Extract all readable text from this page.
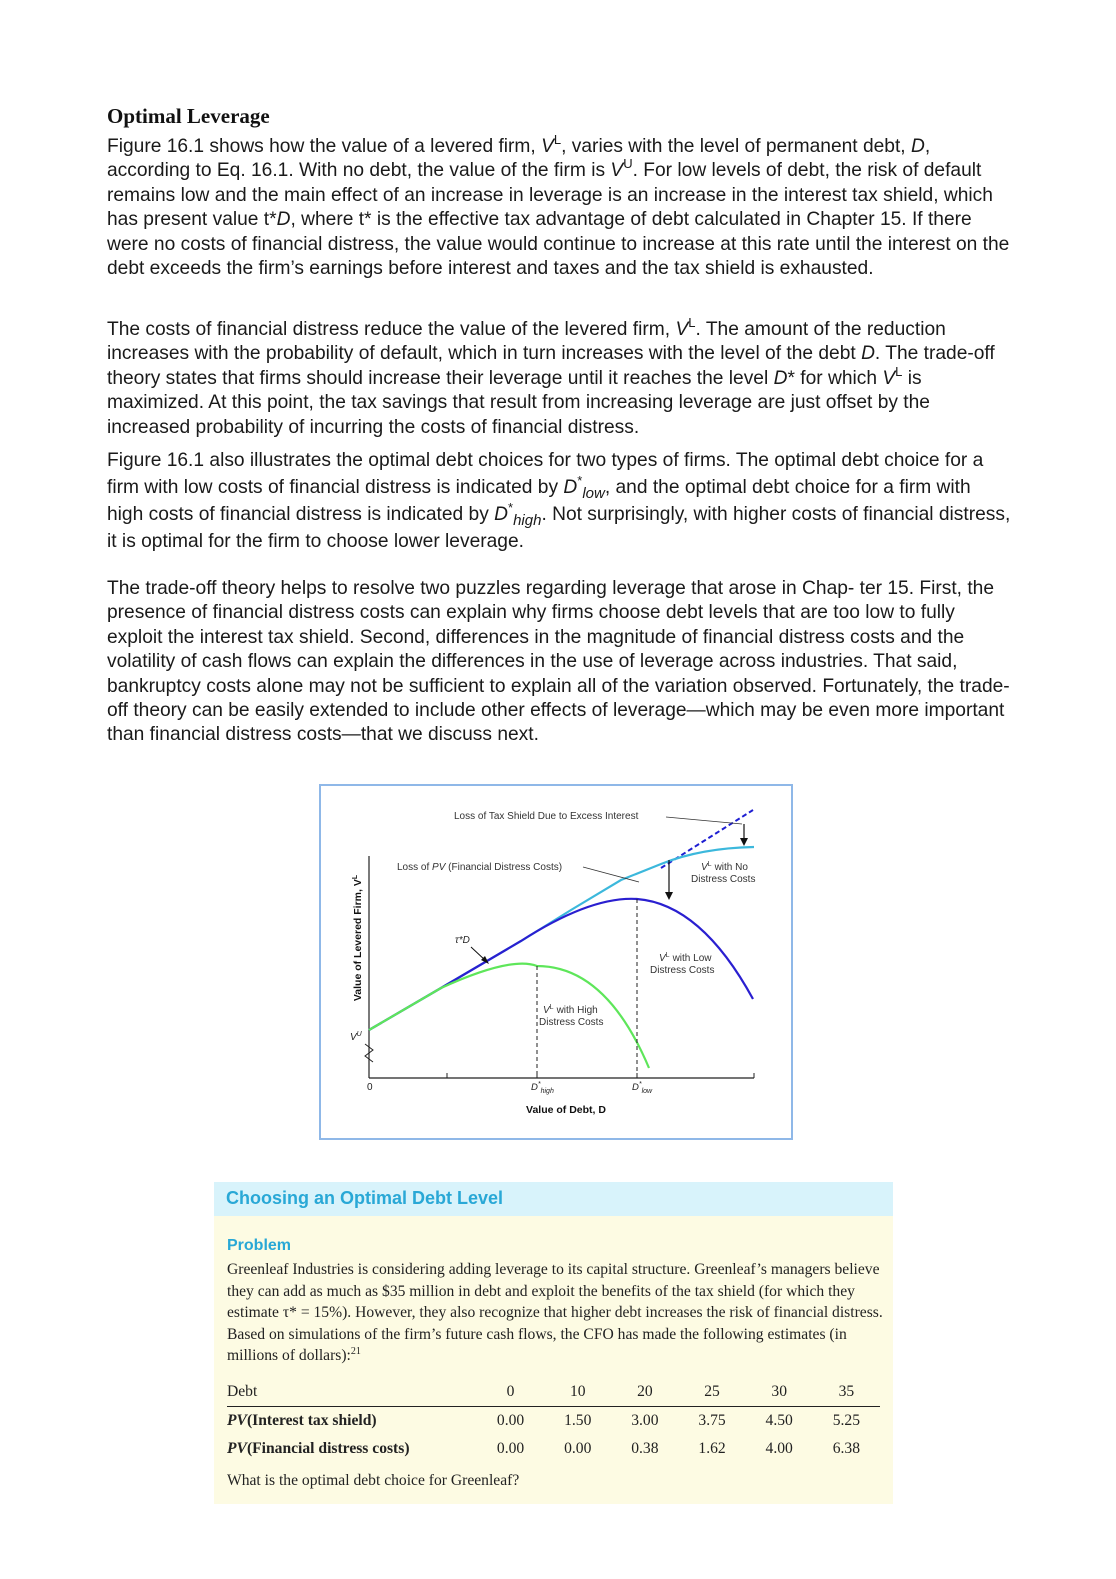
Optimal Leverage

Figure 16.1 shows how the value of a levered firm, $V^L$, varies with the level of permanent debt, D, according to Eq. 16.1. With no debt, the value of the firm is $V^U$. For low levels of debt, the risk of default remains low and the main effect of an increase in leverage is an increase in the interest tax shield, which has present value t*D, where t* is the effective tax advantage of debt calculated in Chapter 15. If there were no costs of financial distress, the value would continue to increase at this rate until the interest on the debt exceeds the firm’s earnings before interest and taxes and the tax shield is exhausted.

The costs of financial distress reduce the value of the levered firm, $V^L$. The amount of the reduction increases with the probability of default, which in turn increases with the level of the debt D. The trade-off theory states that firms should increase their leverage until it reaches the level D* for which $V^L$ is maximized. At this point, the tax savings that result from increasing leverage are just offset by the increased probability of incurring the costs of financial distress.

Figure 16.1 also illustrates the optimal debt choices for two types of firms. The optimal debt choice for a firm with low costs of financial distress is indicated by $D^*_{low}$, and the optimal debt choice for a firm with high costs of financial distress is indicated by $D^*_{high}$. Not surprisingly, with higher costs of financial distress, it is optimal for the firm to choose lower leverage.

The trade-off theory helps to resolve two puzzles regarding leverage that arose in Chap- ter 15. First, the presence of financial distress costs can explain why firms choose debt levels that are too low to fully exploit the interest tax shield. Second, differences in the magnitude of financial distress costs and the volatility of cash flows can explain the differences in the use of leverage across industries. That said, bankruptcy costs alone may not be sufficient to explain all of the variation observed. Fortunately, the trade-off theory can be easily extended to include other effects of leverage—which may be even more important than financial distress costs—that we discuss next.

0
Value of Debt, D
Value of Levered Firm, $V^L$
$D^*_{high}$	$D^*_{low}$
$V^U$
τ*D
Loss of Tax Shield Due to Excess Interest
Loss of PV (Financial Distress Costs)	$V^L$ with No Distress Costs
$V^L$ with Low Distress Costs
$V^L$ with High Distress Costs
Choosing an Optimal Debt Level
Problem

Greenleaf Industries is considering adding leverage to its capital structure. Greenleaf’s managers believe they can add as much as $35 million in debt and exploit the benefits of the tax shield (for which they estimate τ* = 15%). However, they also recognize that higher debt increases the risk of financial distress. Based on simulations of the firm’s future cash flows, the CFO has made the following estimates (in millions of dollars):$^{21}$

Debt	0	10	20	25	30	35
PV(Interest tax shield)	0.00	1.50	3.00	3.75	4.50	5.25
PV(Financial distress costs)	0.00	0.00	0.38	1.62	4.00	6.38
What is the optimal debt choice for Greenleaf?
